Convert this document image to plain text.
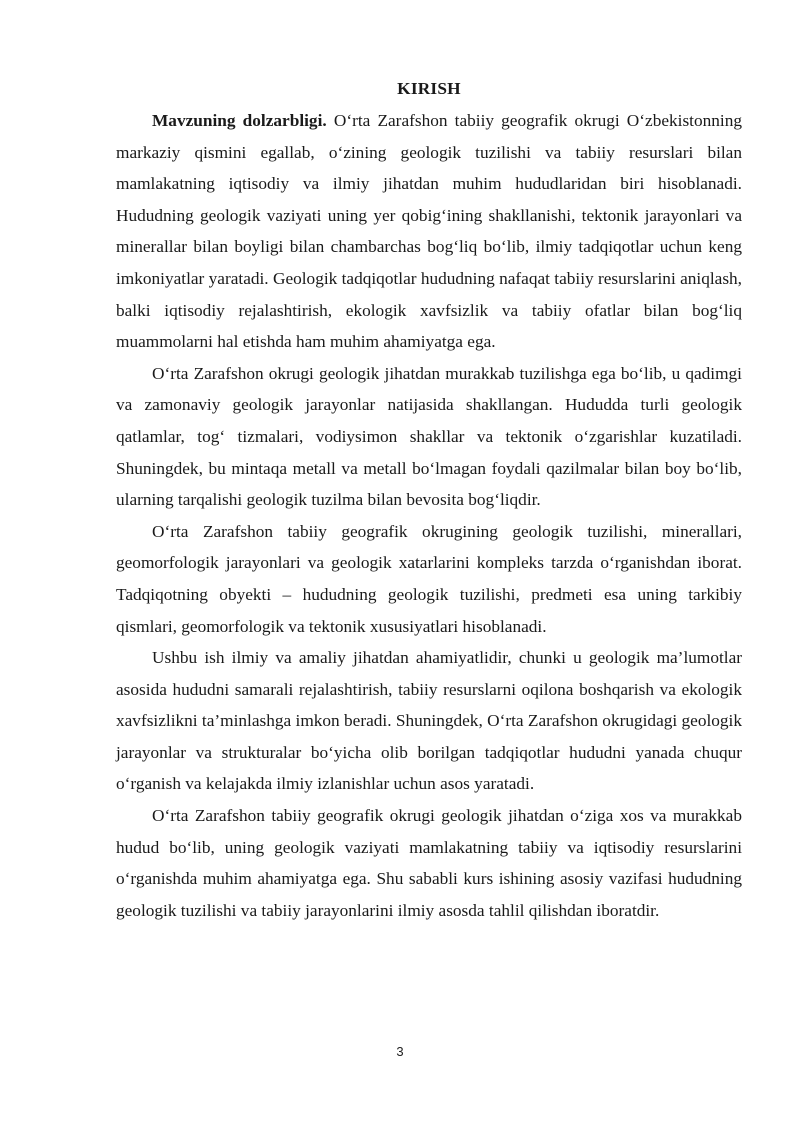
KIRISH

Mavzuning dolzarbligi. O‘rta Zarafshon tabiiy geografik okrugi O‘zbekistonning markaziy qismini egallab, o‘zining geologik tuzilishi va tabiiy resurslari bilan mamlakatning iqtisodiy va ilmiy jihatdan muhim hududlaridan biri hisoblanadi. Hududning geologik vaziyati uning yer qobig‘ining shakllanishi, tektonik jarayonlari va minerallar bilan boyligi bilan chambarchas bog‘liq bo‘lib, ilmiy tadqiqotlar uchun keng imkoniyatlar yaratadi. Geologik tadqiqotlar hududning nafaqat tabiiy resurslarini aniqlash, balki iqtisodiy rejalashtirish, ekologik xavfsizlik va tabiiy ofatlar bilan bog‘liq muammolarni hal etishda ham muhim ahamiyatga ega.

O‘rta Zarafshon okrugi geologik jihatdan murakkab tuzilishga ega bo‘lib, u qadimgi va zamonaviy geologik jarayonlar natijasida shakllangan. Hududda turli geologik qatlamlar, tog‘ tizmalari, vodiysimon shakllar va tektonik o‘zgarishlar kuzatiladi. Shuningdek, bu mintaqa metall va metall bo‘lmagan foydali qazilmalar bilan boy bo‘lib, ularning tarqalishi geologik tuzilma bilan bevosita bog‘liqdir.

O‘rta Zarafshon tabiiy geografik okrugining geologik tuzilishi, minerallari, geomorfologik jarayonlari va geologik xatarlarini kompleks tarzda o‘rganishdan iborat. Tadqiqotning obyekti – hududning geologik tuzilishi, predmeti esa uning tarkibiy qismlari, geomorfologik va tektonik xususiyatlari hisoblanadi.

Ushbu ish ilmiy va amaliy jihatdan ahamiyatlidir, chunki u geologik ma’lumotlar asosida hududni samarali rejalashtirish, tabiiy resurslarni oqilona boshqarish va ekologik xavfsizlikni ta’minlashga imkon beradi. Shuningdek, O‘rta Zarafshon okrugidagi geologik jarayonlar va strukturalar bo‘yicha olib borilgan tadqiqotlar hududni yanada chuqur o‘rganish va kelajakda ilmiy izlanishlar uchun asos yaratadi.

O‘rta Zarafshon tabiiy geografik okrugi geologik jihatdan o‘ziga xos va murakkab hudud bo‘lib, uning geologik vaziyati mamlakatning tabiiy va iqtisodiy resurslarini o‘rganishda muhim ahamiyatga ega. Shu sababli kurs ishining asosiy vazifasi hududning geologik tuzilishi va tabiiy jarayonlarini ilmiy asosda tahlil qilishdan iboratdir.

3
